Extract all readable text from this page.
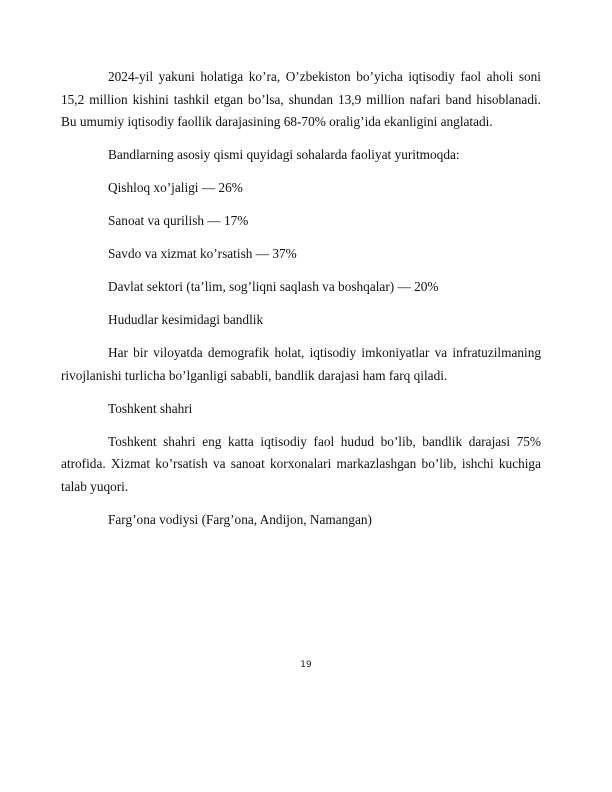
2024-yil yakuni holatiga ko’ra, O’zbekiston bo’yicha iqtisodiy faol aholi soni 15,2 million kishini tashkil etgan bo’lsa, shundan 13,9 million nafari band hisoblanadi. Bu umumiy iqtisodiy faollik darajasining 68-70% oralig’ida ekanligini anglatadi.

Bandlarning asosiy qismi quyidagi sohalarda faoliyat yuritmoqda:

Qishloq xo’jaligi — 26%

Sanoat va qurilish — 17%

Savdo va xizmat ko’rsatish — 37%

Davlat sektori (ta’lim, sog’liqni saqlash va boshqalar) — 20%

Hududlar kesimidagi bandlik

Har bir viloyatda demografik holat, iqtisodiy imkoniyatlar va infratuzilmaning rivojlanishi turlicha bo’lganligi sababli, bandlik darajasi ham farq qiladi.

Toshkent shahri

Toshkent shahri eng katta iqtisodiy faol hudud bo’lib, bandlik darajasi 75% atrofida. Xizmat ko’rsatish va sanoat korxonalari markazlashgan bo’lib, ishchi kuchiga talab yuqori.

Farg’ona vodiysi (Farg’ona, Andijon, Namangan)

19
